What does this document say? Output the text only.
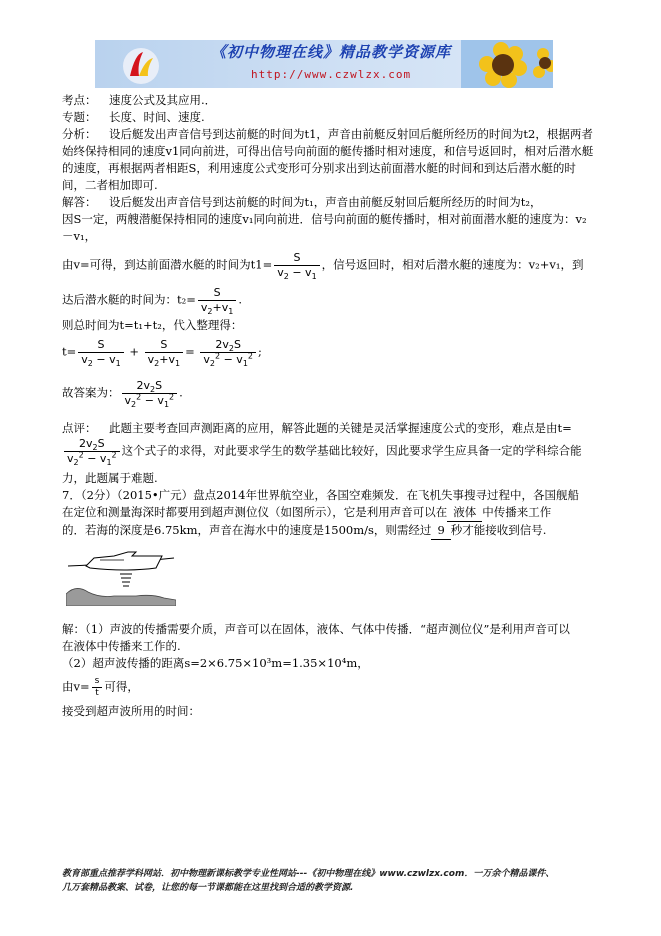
《初中物理在线》精品教学资源库
http://www.czwlzx.com

考点： 速度公式及其应用.．

专题： 长度、时间、速度.

分析： 设后艇发出声音信号到达前艇的时间为t1，声音由前艇反射回后艇所经历的时间为t2，根据两者始终保持相同的速度v1同向前进，可得出信号向前面的艇传播时相对速度，和信号返回时，相对后潜水艇的速度，再根据两者相距S，利用速度公式变形可分别求出到达前面潜水艇的时间和到达后潜水艇的时间，二者相加即可.

解答： 设后艇发出声音信号到达前艇的时间为t₁，声音由前艇反射回后艇所经历的时间为t₂，

因S一定，两艘潜艇保持相同的速度v₁同向前进．信号向前面的艇传播时，相对前面潜水艇的速度为：v₂－v₁，

由v=可得，到达前面潜水艇的时间为$t1= \frac{S}{v_2 - v_1}$ ，信号返回时，相对后潜水艇的速度为：v₂+v₁，到

达后潜水艇的时间为：$t_2= \frac{S}{v_2+v_1}$ .

则总时间为t=t₁+t₂，代入整理得：

$t= \frac{S}{v_2 - v_1} + \frac{S}{v_2+v_1} = \frac{2v_2S}{v_2^2 - v_1^2}$ ;

故答案为： $\frac{2v_2S}{v_2^2 - v_1^2}$ .

点评： 此题主要考查回声测距离的应用，解答此题的关键是灵活掌握速度公式的变形，难点是由t=

$\frac{2v_2S}{v_2^2 - v_1^2}$ 这个式子的求得，对此要求学生的数学基础比较好，因此要求学生应具备一定的学科综合能

力，此题属于难题.

7．（2分）（2015•广元）盘点2014年世界航空业，各国空难频发．在飞机失事搜寻过程中，各国舰船

在定位和测量海深时都要用到超声测位仪（如图所示），它是利用声音可以在 液体 中传播来工作

的．若海的深度是6.75km，声音在海水中的速度是1500m/s，则需经过 9 秒才能接收到信号.

解：（1）声波的传播需要介质，声音可以在固体，液体、气体中传播．“超声测位仪”是利用声音可以

在液体中传播来工作的.

（2）超声波传播的距离s=2×6.75×10³m=1.35×10⁴m，

由$v= \frac{s}{t}$ 可得，

接受到超声波所用的时间：

教育部重点推荐学科网站．初中物理新课标教学专业性网站---《初中物理在线》www.czwlzx.com．一万余个精品课件、
几万套精品教案、试卷，让您的每一节课都能在这里找到合适的教学资源.
